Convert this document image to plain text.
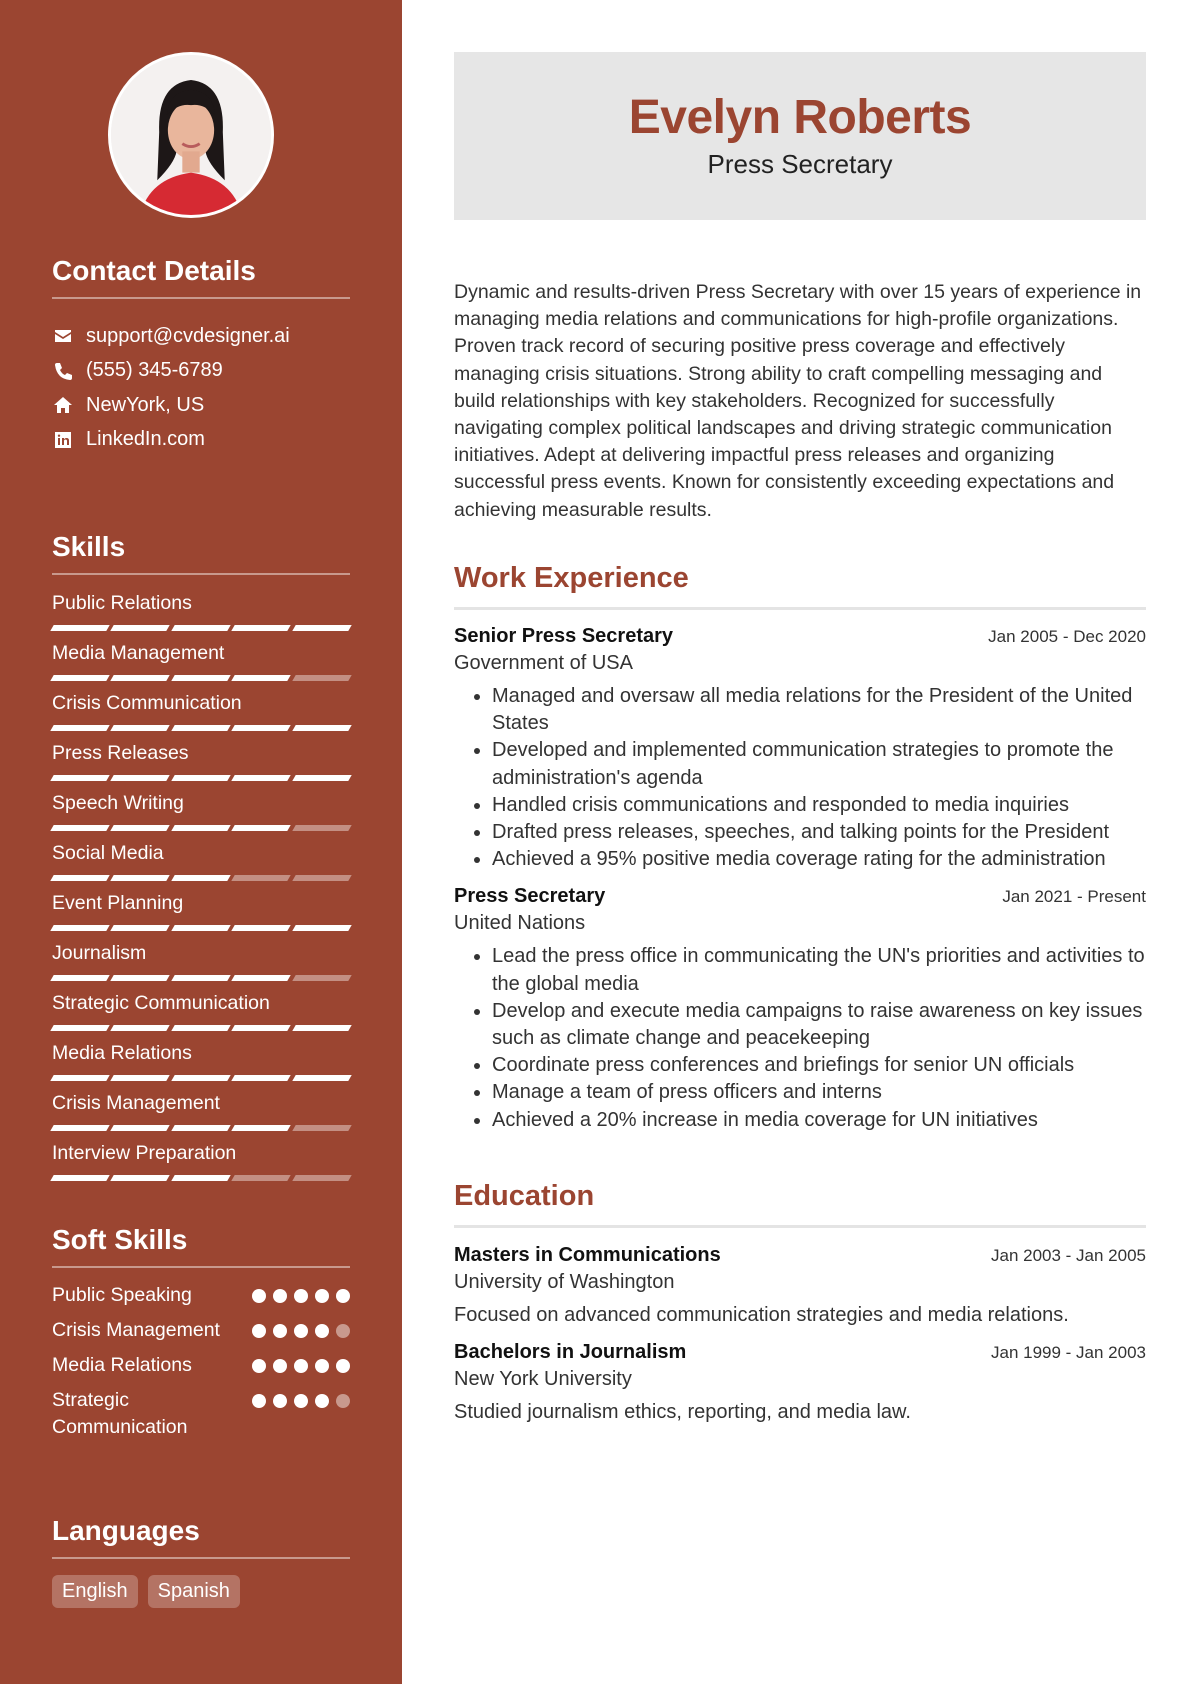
Contact Details
support@cvdesigner.ai
(555) 345-6789
NewYork, US
LinkedIn.com
Skills
Public Relations
Media Management
Crisis Communication
Press Releases
Speech Writing
Social Media
Event Planning
Journalism
Strategic Communication
Media Relations
Crisis Management
Interview Preparation
Soft Skills
Public Speaking
Crisis Management
Media Relations
Strategic Communication
Languages
English	Spanish
Evelyn Roberts
Press Secretary

Dynamic and results-driven Press Secretary with over 15 years of experience in managing media relations and communications for high-profile organizations. Proven track record of securing positive press coverage and effectively managing crisis situations. Strong ability to craft compelling messaging and build relationships with key stakeholders. Recognized for successfully navigating complex political landscapes and driving strategic communication initiatives. Adept at delivering impactful press releases and organizing successful press events. Known for consistently exceeding expectations and achieving measurable results.

Work Experience
Senior Press Secretary	Jan 2005 - Dec 2020
Government of USA
• Managed and oversaw all media relations for the President of the United States
• Developed and implemented communication strategies to promote the administration's agenda
• Handled crisis communications and responded to media inquiries
• Drafted press releases, speeches, and talking points for the President
• Achieved a 95% positive media coverage rating for the administration
Press Secretary	Jan 2021 - Present
United Nations
• Lead the press office in communicating the UN's priorities and activities to the global media
• Develop and execute media campaigns to raise awareness on key issues such as climate change and peacekeeping
• Coordinate press conferences and briefings for senior UN officials
• Manage a team of press officers and interns
• Achieved a 20% increase in media coverage for UN initiatives
Education
Masters in Communications	Jan 2003 - Jan 2005
University of Washington
Focused on advanced communication strategies and media relations.
Bachelors in Journalism	Jan 1999 - Jan 2003
New York University
Studied journalism ethics, reporting, and media law.
